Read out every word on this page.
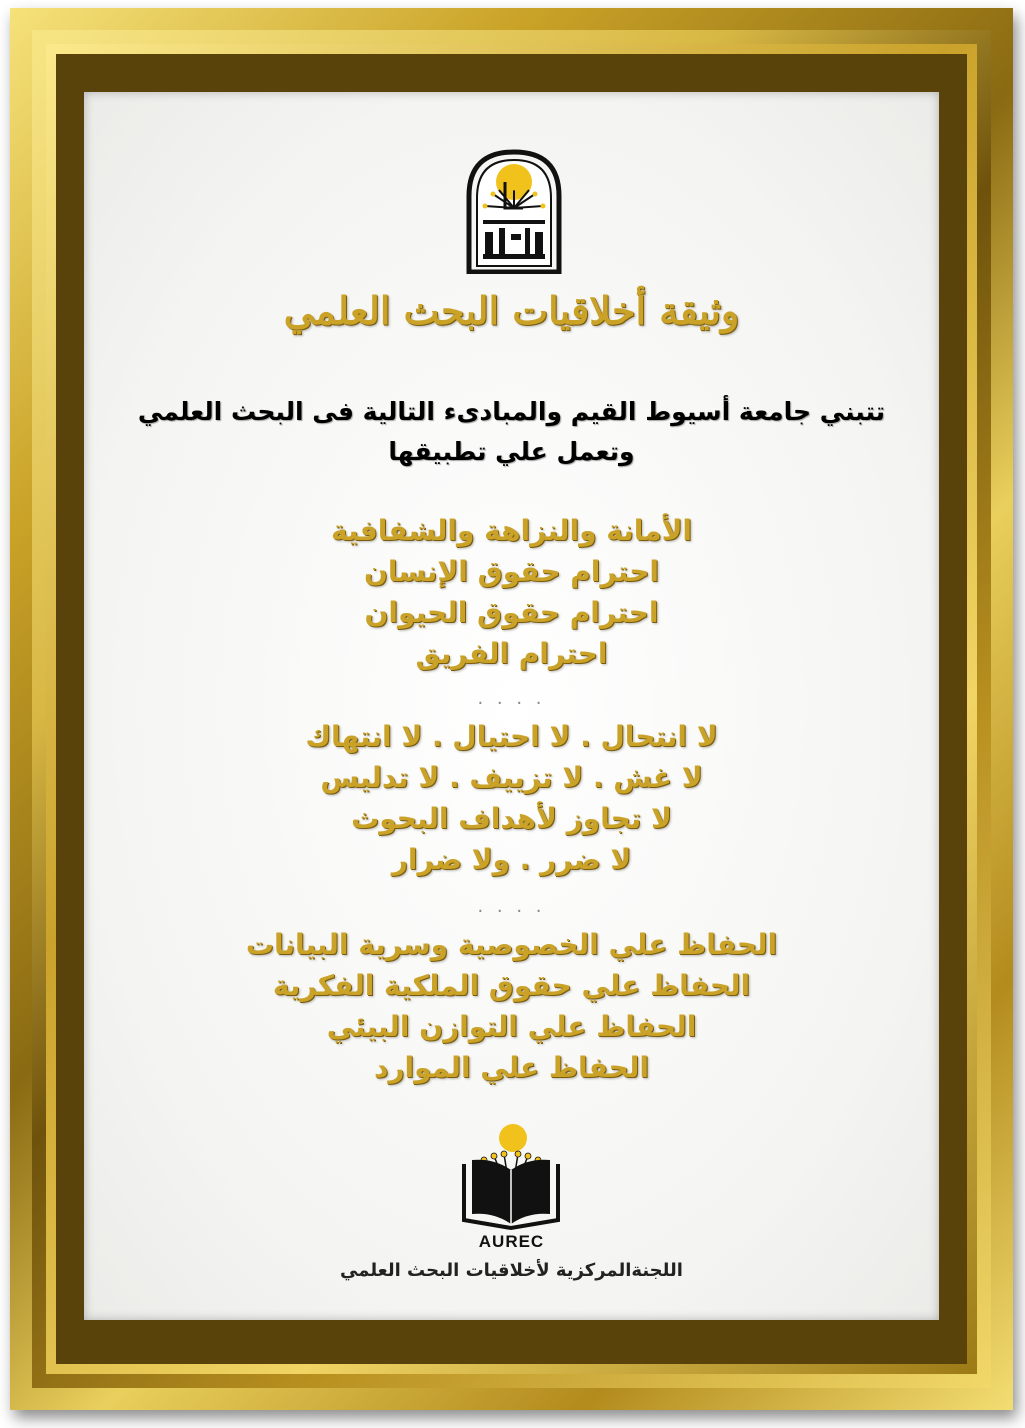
وثيقة أخلاقيات البحث العلمي
تتبني جامعة أسيوط القيم والمبادىء التالية فى البحث العلمي
وتعمل علي تطبيقها
الأمانة والنزاهة والشفافية
احترام حقوق الإنسان
احترام حقوق الحيوان
احترام الفريق
. . . .
لا انتحال . لا احتيال . لا انتهاك
لا غش . لا تزييف . لا تدليس
لا تجاوز لأهداف البحوث
لا ضرر . ولا ضرار
. . . .
الحفاظ علي الخصوصية وسرية البيانات
الحفاظ علي حقوق الملكية الفكرية
الحفاظ علي التوازن البيئي
الحفاظ علي الموارد
AUREC
اللجنةالمركزية لأخلاقيات البحث العلمي
